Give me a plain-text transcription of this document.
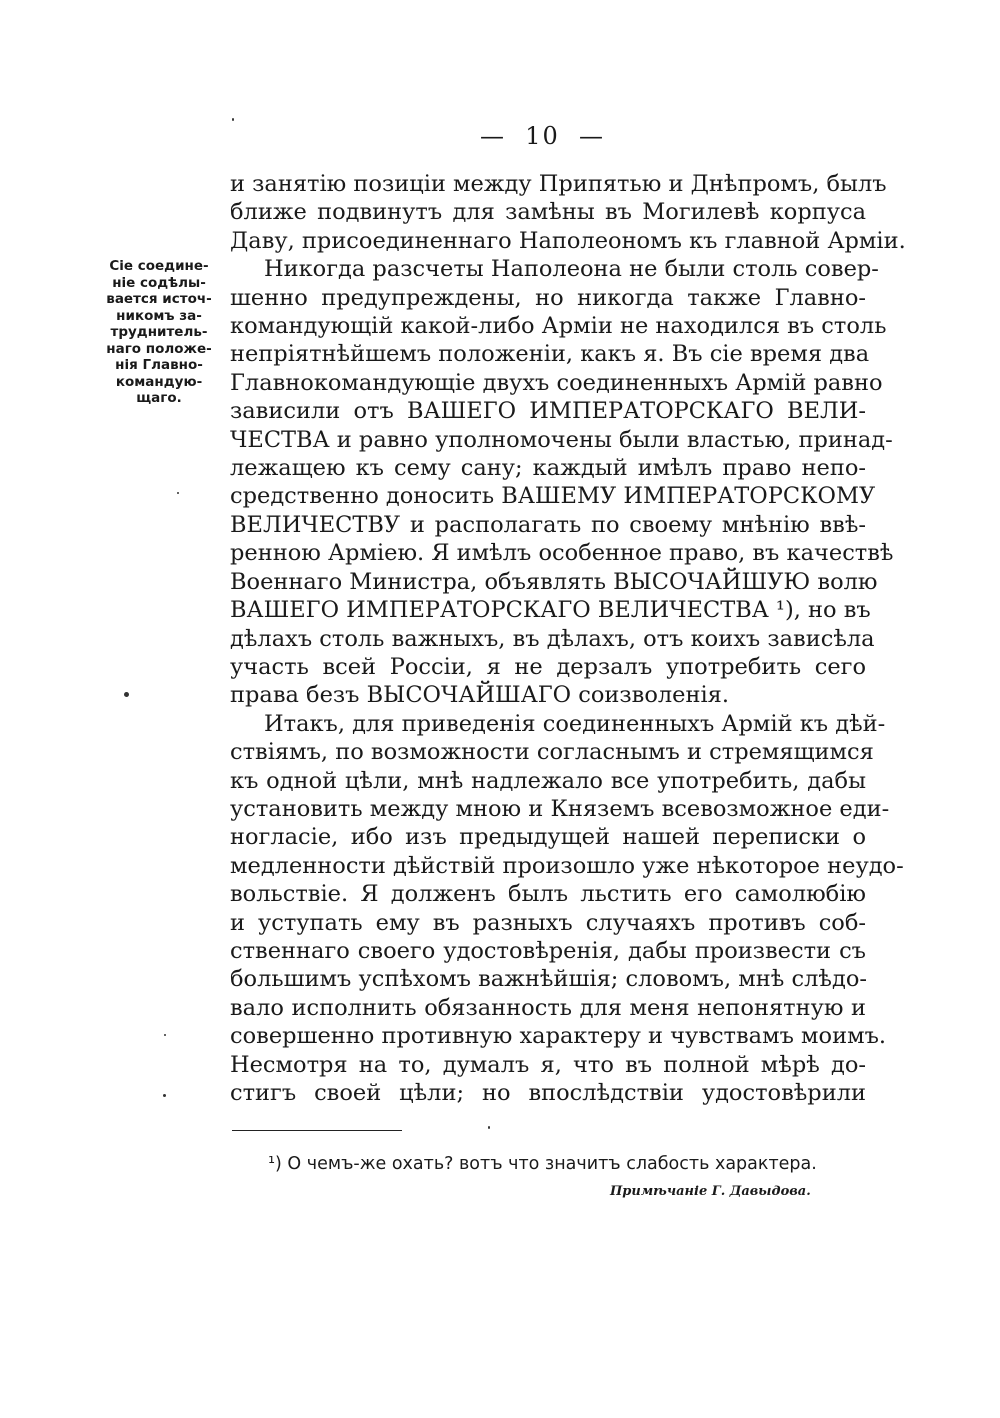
—  10  —
Сіе соедине-
ніе содѣлы-
вается источ-
никомъ за-
труднитель-
наго положе-
нія Главно-
командую-
щаго.
и занятію позиціи между Припятью и Днѣпромъ, былъ
ближе подвинутъ для замѣны въ Могилевѣ корпуса
Даву, присоединеннаго Наполеономъ къ главной Арміи.
Никогда разсчеты Наполеона не были столь совер-
шенно предупреждены, но никогда также Главно-
командующій какой-либо Арміи не находился въ столь
непріятнѣйшемъ положеніи, какъ я. Въ сіе время два
Главнокомандующіе двухъ соединенныхъ Армій равно
зависили отъ ВАШЕГО ИМПЕРАТОРСКАГО ВЕЛИ-
ЧЕСТВА и равно уполномочены были властью, принад-
лежащею къ сему сану; каждый имѣлъ право непо-
средственно доносить ВАШЕМУ ИМПЕРАТОРСКОМУ
ВЕЛИЧЕСТВУ и располагать по своему мнѣнію ввѣ-
ренною Арміею. Я имѣлъ особенное право, въ качествѣ
Военнаго Министра, объявлять ВЫСОЧАЙШУЮ волю
ВАШЕГО ИМПЕРАТОРСКАГО ВЕЛИЧЕСТВА ¹), но въ
дѣлахъ столь важныхъ, въ дѣлахъ, отъ коихъ зависѣла
участь всей Россіи, я не дерзалъ употребить сего
права безъ ВЫСОЧАЙШАГО соизволенія.
Итакъ, для приведенія соединенныхъ Армій къ дѣй-
ствіямъ, по возможности согласнымъ и стремящимся
къ одной цѣли, мнѣ надлежало все употребить, дабы
установить между мною и Княземъ всевозможное еди-
ногласіе, ибо изъ предыдущей нашей переписки о
медленности дѣйствій произошло уже нѣкоторое неудо-
вольствіе. Я долженъ былъ льстить его самолюбію
и уступать ему въ разныхъ случаяхъ противъ соб-
ственнаго своего удостовѣренія, дабы произвести съ
большимъ успѣхомъ важнѣйшія; словомъ, мнѣ слѣдо-
вало исполнить обязанность для меня непонятную и
совершенно противную характеру и чувствамъ моимъ.
Несмотря на то, думалъ я, что въ полной мѣрѣ до-
стигъ своей цѣли; но впослѣдствіи удостовѣрили
¹) О чемъ-же охать? вотъ что значитъ слабость характера.
Примѣчаніе Г. Давыдова.
